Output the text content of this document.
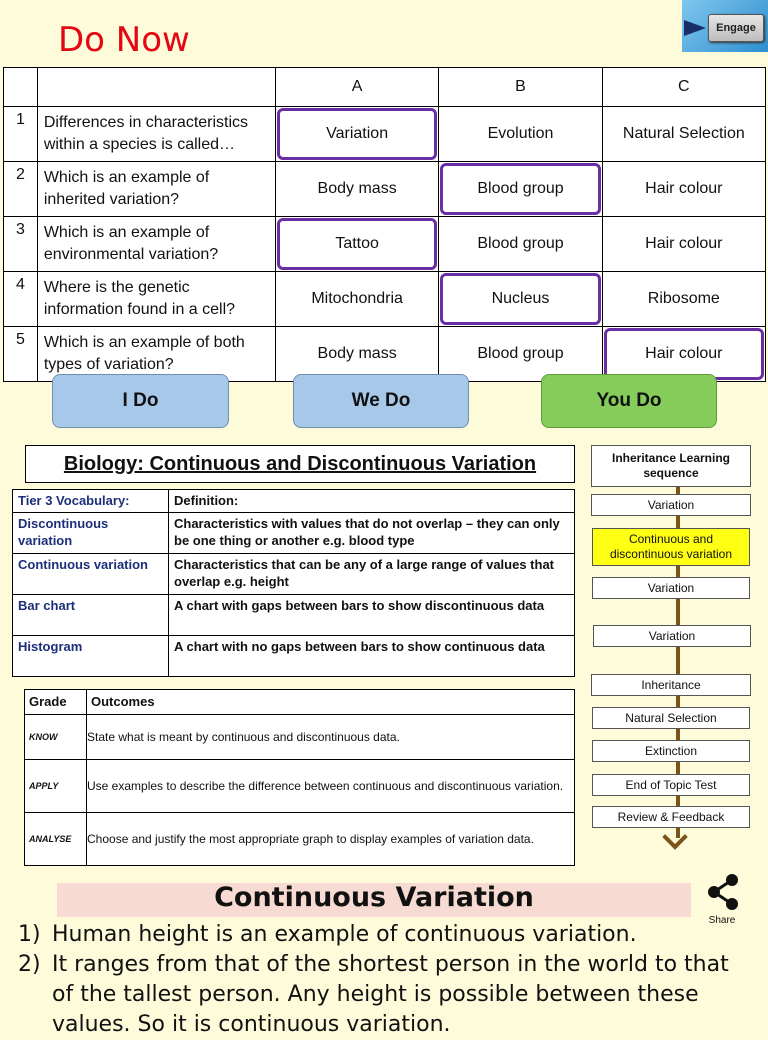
Do Now	Engage
		A	B	C
1	Differences in characteristics within a species is called…	Variation	Evolution	Natural Selection
2	Which is an example of inherited variation?	Body mass	Blood group	Hair colour
3	Which is an example of environmental variation?	Tattoo	Blood group	Hair colour
4	Where is the genetic information found in a cell?	Mitochondria	Nucleus	Ribosome
5	Which is an example of both types of variation?	Body mass	Blood group	Hair colour
I Do	We Do	You Do
Biology: Continuous and Discontinuous Variation
Tier 3 Vocabulary:	Definition:
Discontinuous variation	Characteristics with values that do not overlap – they can only be one thing or another e.g. blood type
Continuous variation	Characteristics that can be any of a large range of values that overlap e.g. height
Bar chart	A chart with gaps between bars to show discontinuous data
Histogram	A chart with no gaps between bars to show continuous data
Grade	Outcomes
KNOW	State what is meant by continuous and discontinuous data.
APPLY	Use examples to describe the difference between continuous and discontinuous variation.
ANALYSE	Choose and justify the most appropriate graph to display examples of variation data.
Inheritance Learning sequence
Variation
Continuous and discontinuous variation
Variation
Variation
Inheritance
Natural Selection
Extinction
End of Topic Test
Review & Feedback
Continuous Variation
Share
1) Human height is an example of continuous variation.
2) It ranges from that of the shortest person in the world to that of the tallest person. Any height is possible between these values. So it is continuous variation.
